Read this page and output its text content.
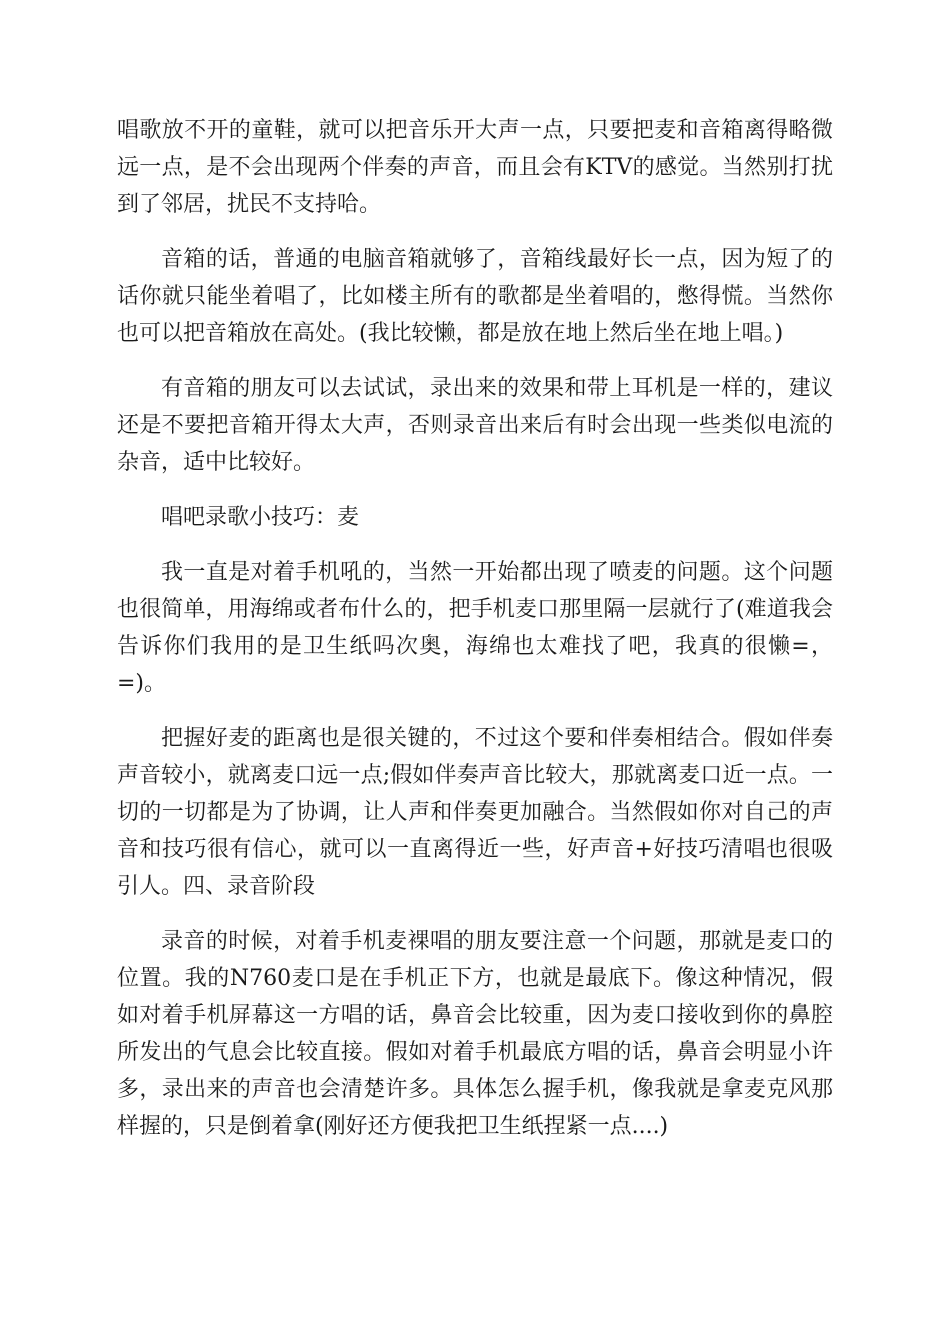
唱歌放不开的童鞋，就可以把音乐开大声一点，只要把麦和音箱离得略微远一点，是不会出现两个伴奏的声音，而且会有KTV的感觉。当然别打扰到了邻居，扰民不支持哈。

音箱的话，普通的电脑音箱就够了，音箱线最好长一点，因为短了的话你就只能坐着唱了，比如楼主所有的歌都是坐着唱的，憋得慌。当然你也可以把音箱放在高处。(我比较懒，都是放在地上然后坐在地上唱。)

有音箱的朋友可以去试试，录出来的效果和带上耳机是一样的，建议还是不要把音箱开得太大声，否则录音出来后有时会出现一些类似电流的杂音，适中比较好。

唱吧录歌小技巧：麦

我一直是对着手机吼的，当然一开始都出现了喷麦的问题。这个问题也很简单，用海绵或者布什么的，把手机麦口那里隔一层就行了(难道我会告诉你们我用的是卫生纸吗次奥，海绵也太难找了吧，我真的很懒=，=)。

把握好麦的距离也是很关键的，不过这个要和伴奏相结合。假如伴奏声音较小，就离麦口远一点;假如伴奏声音比较大，那就离麦口近一点。一切的一切都是为了协调，让人声和伴奏更加融合。当然假如你对自己的声音和技巧很有信心，就可以一直离得近一些，好声音+好技巧清唱也很吸引人。四、录音阶段

录音的时候，对着手机麦裸唱的朋友要注意一个问题，那就是麦口的位置。我的N760麦口是在手机正下方，也就是最底下。像这种情况，假如对着手机屏幕这一方唱的话，鼻音会比较重，因为麦口接收到你的鼻腔所发出的气息会比较直接。假如对着手机最底方唱的话，鼻音会明显小许多，录出来的声音也会清楚许多。具体怎么握手机，像我就是拿麦克风那样握的，只是倒着拿(刚好还方便我把卫生纸捏紧一点....)
